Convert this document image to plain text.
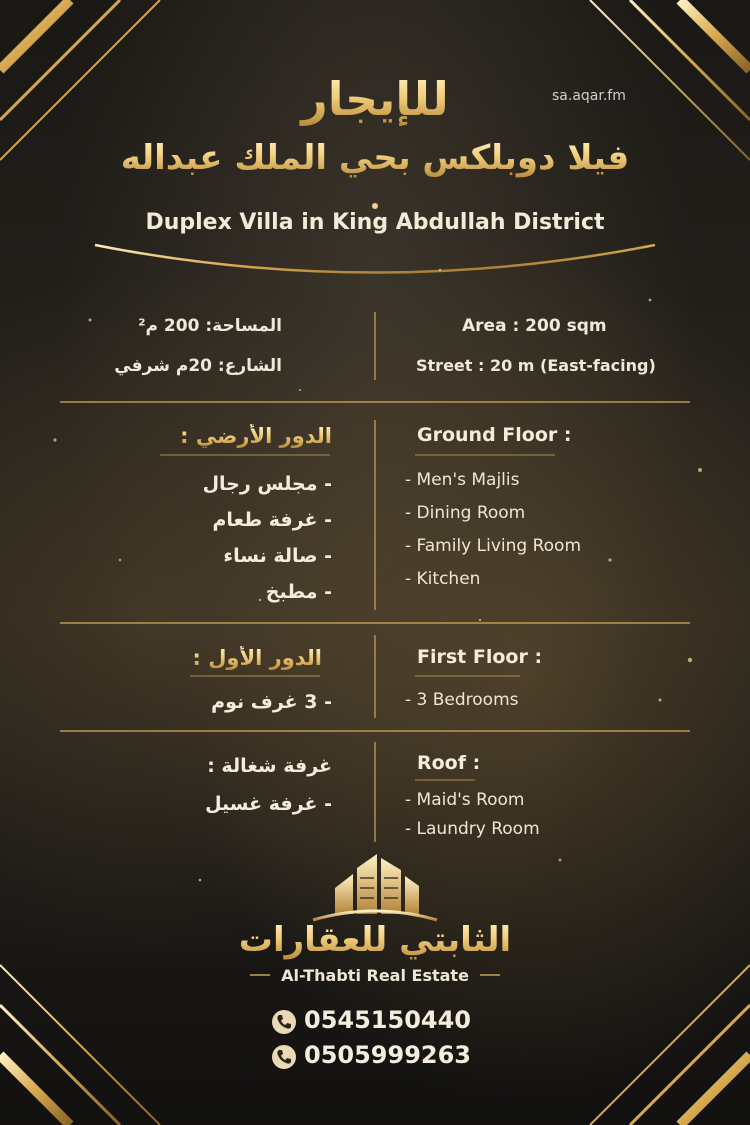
للإيجار	sa.aqar.fm
فيلا دوبلكس بحي الملك عبداله
Duplex Villa in King Abdullah District
Area : 200 sqm
Street : 20 m (East-facing)
المساحة: 200 م²
الشارع: 20م شرفي
Ground Floor :
الدور الأرضي :
- Men's Majlis
- Dining Room
- Family Living Room
- Kitchen
- مجلس رجال
- غرفة طعام
- صالة نساء
- مطبخ
First Floor :
الدور الأول :
- 3 Bedrooms
- 3 غرف نوم
Roof :
غرفة شغالة :
- Maid's Room
- Laundry Room
- غرفة غسيل
الثابتي للعقارات
Al-Thabti Real Estate
0545150440
0505999263
